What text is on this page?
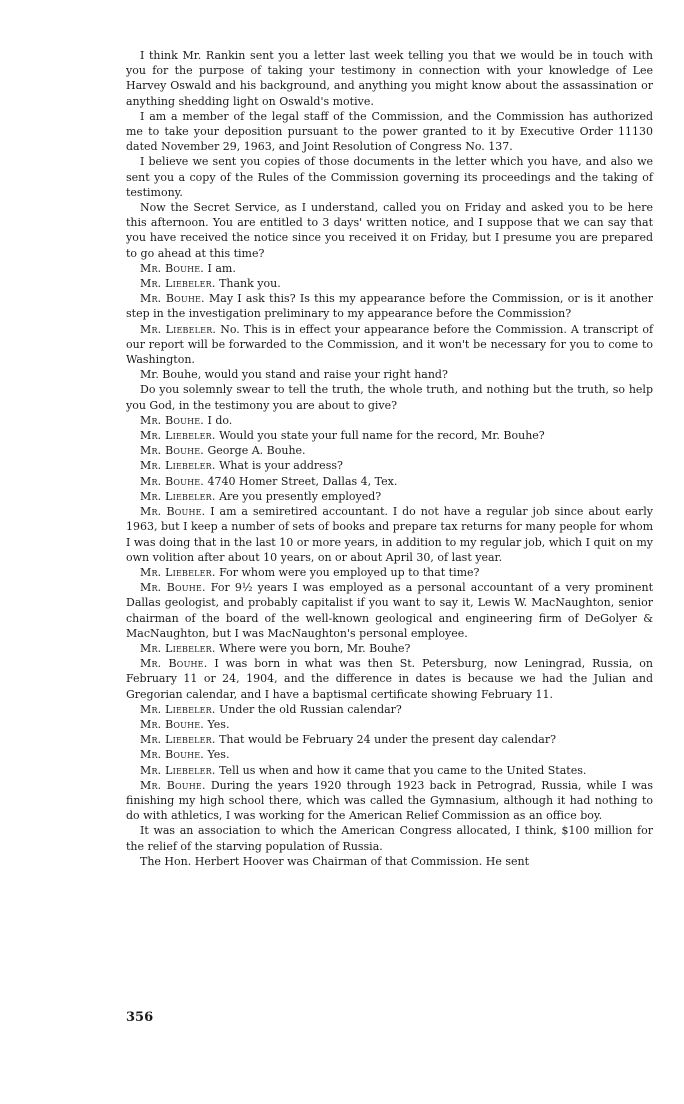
I think Mr. Rankin sent you a letter last week telling you that we would be in touch with you for the purpose of taking your testimony in connection with your knowledge of Lee Harvey Oswald and his background, and anything you might know about the assassination or anything shedding light on Oswald's motive.

I am a member of the legal staff of the Commission, and the Commission has authorized me to take your deposition pursuant to the power granted to it by Executive Order 11130 dated November 29, 1963, and Joint Resolution of Congress No. 137.

I believe we sent you copies of those documents in the letter which you have, and also we sent you a copy of the Rules of the Commission governing its proceedings and the taking of testimony.

Now the Secret Service, as I understand, called you on Friday and asked you to be here this afternoon. You are entitled to 3 days' written notice, and I suppose that we can say that you have received the notice since you received it on Friday, but I presume you are prepared to go ahead at this time?

Mr. Bouhe. I am.

Mr. Liebeler. Thank you.

Mr. Bouhe. May I ask this? Is this my appearance before the Commission, or is it another step in the investigation preliminary to my appearance before the Commission?

Mr. Liebeler. No. This is in effect your appearance before the Commission. A transcript of our report will be forwarded to the Commission, and it won't be necessary for you to come to Washington.

Mr. Bouhe, would you stand and raise your right hand?

Do you solemnly swear to tell the truth, the whole truth, and nothing but the truth, so help you God, in the testimony you are about to give?

Mr. Bouhe. I do.

Mr. Liebeler. Would you state your full name for the record, Mr. Bouhe?

Mr. Bouhe. George A. Bouhe.

Mr. Liebeler. What is your address?

Mr. Bouhe. 4740 Homer Street, Dallas 4, Tex.

Mr. Liebeler. Are you presently employed?

Mr. Bouhe. I am a semiretired accountant. I do not have a regular job since about early 1963, but I keep a number of sets of books and prepare tax returns for many people for whom I was doing that in the last 10 or more years, in addition to my regular job, which I quit on my own volition after about 10 years, on or about April 30, of last year.

Mr. Liebeler. For whom were you employed up to that time?

Mr. Bouhe. For 9½ years I was employed as a personal accountant of a very prominent Dallas geologist, and probably capitalist if you want to say it, Lewis W. MacNaughton, senior chairman of the board of the well-known geological and engineering firm of DeGolyer & MacNaughton, but I was MacNaughton's personal employee.

Mr. Liebeler. Where were you born, Mr. Bouhe?

Mr. Bouhe. I was born in what was then St. Petersburg, now Leningrad, Russia, on February 11 or 24, 1904, and the difference in dates is because we had the Julian and Gregorian calendar, and I have a baptismal certificate showing February 11.

Mr. Liebeler. Under the old Russian calendar?

Mr. Bouhe. Yes.

Mr. Liebeler. That would be February 24 under the present day calendar?

Mr. Bouhe. Yes.

Mr. Liebeler. Tell us when and how it came that you came to the United States.

Mr. Bouhe. During the years 1920 through 1923 back in Petrograd, Russia, while I was finishing my high school there, which was called the Gymnasium, although it had nothing to do with athletics, I was working for the American Relief Commission as an office boy.

It was an association to which the American Congress allocated, I think, $100 million for the relief of the starving population of Russia.

The Hon. Herbert Hoover was Chairman of that Commission. He sent

356
